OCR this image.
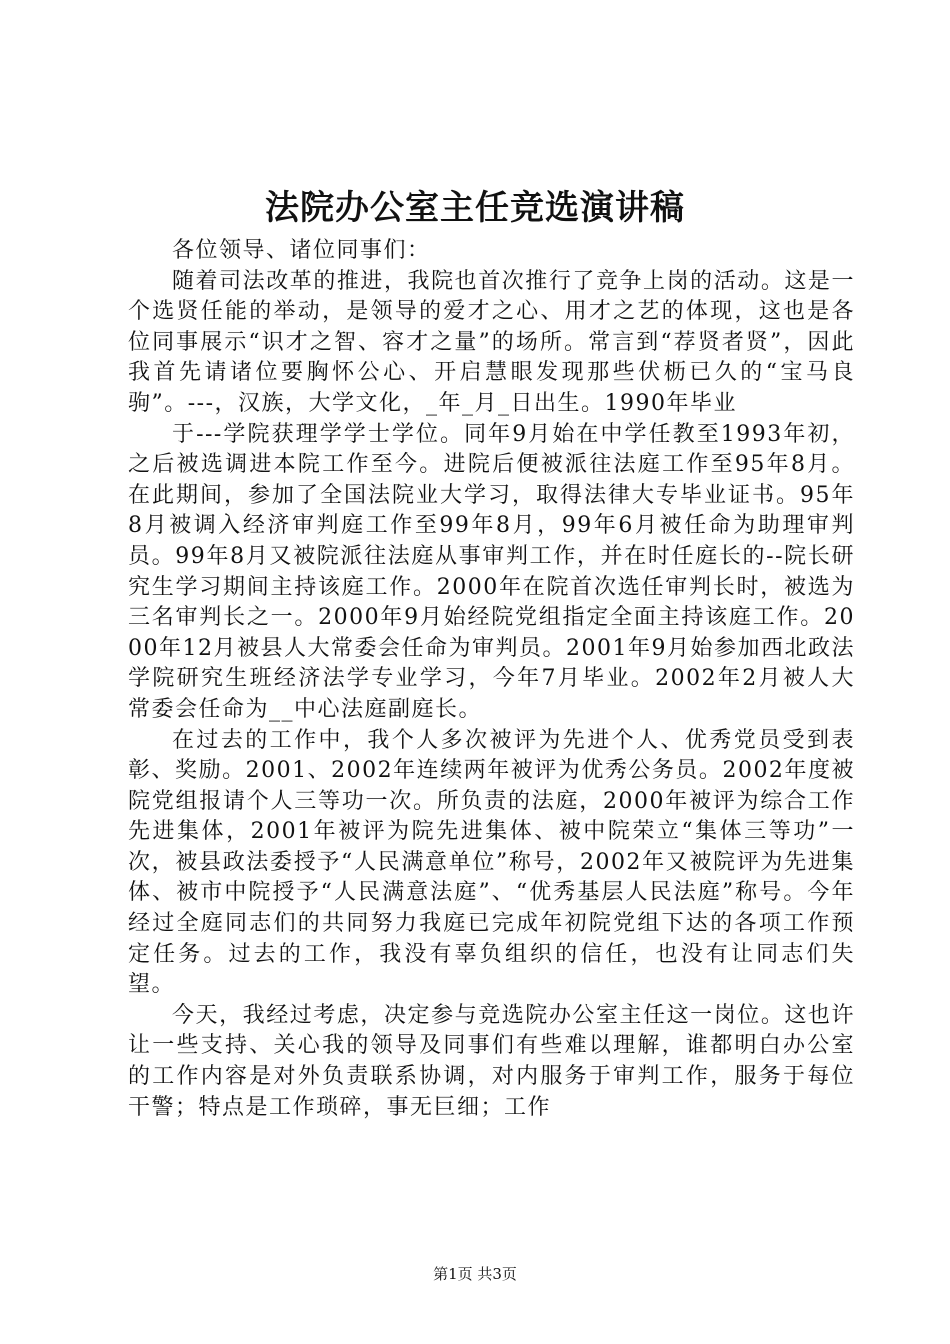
法院办公室主任竞选演讲稿

各位领导、诸位同事们：

随着司法改革的推进，我院也首次推行了竞争上岗的活动。这是一个选贤任能的举动，是领导的爱才之心、用才之艺的体现，这也是各位同事展示“识才之智、容才之量”的场所。常言到“荐贤者贤”，因此我首先请诸位要胸怀公心、开启慧眼发现那些伏枥已久的“宝马良驹”。---，汉族，大学文化，_年_月_日出生。1990年毕业

于---学院获理学学士学位。同年9月始在中学任教至1993年初，之后被选调进本院工作至今。进院后便被派往法庭工作至95年8月。在此期间，参加了全国法院业大学习，取得法律大专毕业证书。95年8月被调入经济审判庭工作至99年8月，99年6月被任命为助理审判员。99年8月又被院派往法庭从事审判工作，并在时任庭长的--院长研究生学习期间主持该庭工作。2000年在院首次选任审判长时，被选为三名审判长之一。2000年9月始经院党组指定全面主持该庭工作。2000年12月被县人大常委会任命为审判员。2001年9月始参加西北政法学院研究生班经济法学专业学习，今年7月毕业。2002年2月被人大常委会任命为__中心法庭副庭长。

在过去的工作中，我个人多次被评为先进个人、优秀党员受到表彰、奖励。2001、2002年连续两年被评为优秀公务员。2002年度被院党组报请个人三等功一次。所负责的法庭，2000年被评为综合工作先进集体，2001年被评为院先进集体、被中院荣立“集体三等功”一次，被县政法委授予“人民满意单位”称号，2002年又被院评为先进集体、被市中院授予“人民满意法庭”、“优秀基层人民法庭”称号。今年经过全庭同志们的共同努力我庭已完成年初院党组下达的各项工作预定任务。过去的工作，我没有辜负组织的信任，也没有让同志们失望。

今天，我经过考虑，决定参与竞选院办公室主任这一岗位。这也许让一些支持、关心我的领导及同事们有些难以理解，谁都明白办公室的工作内容是对外负责联系协调，对内服务于审判工作，服务于每位干警；特点是工作琐碎，事无巨细；工作

第1页 共3页
